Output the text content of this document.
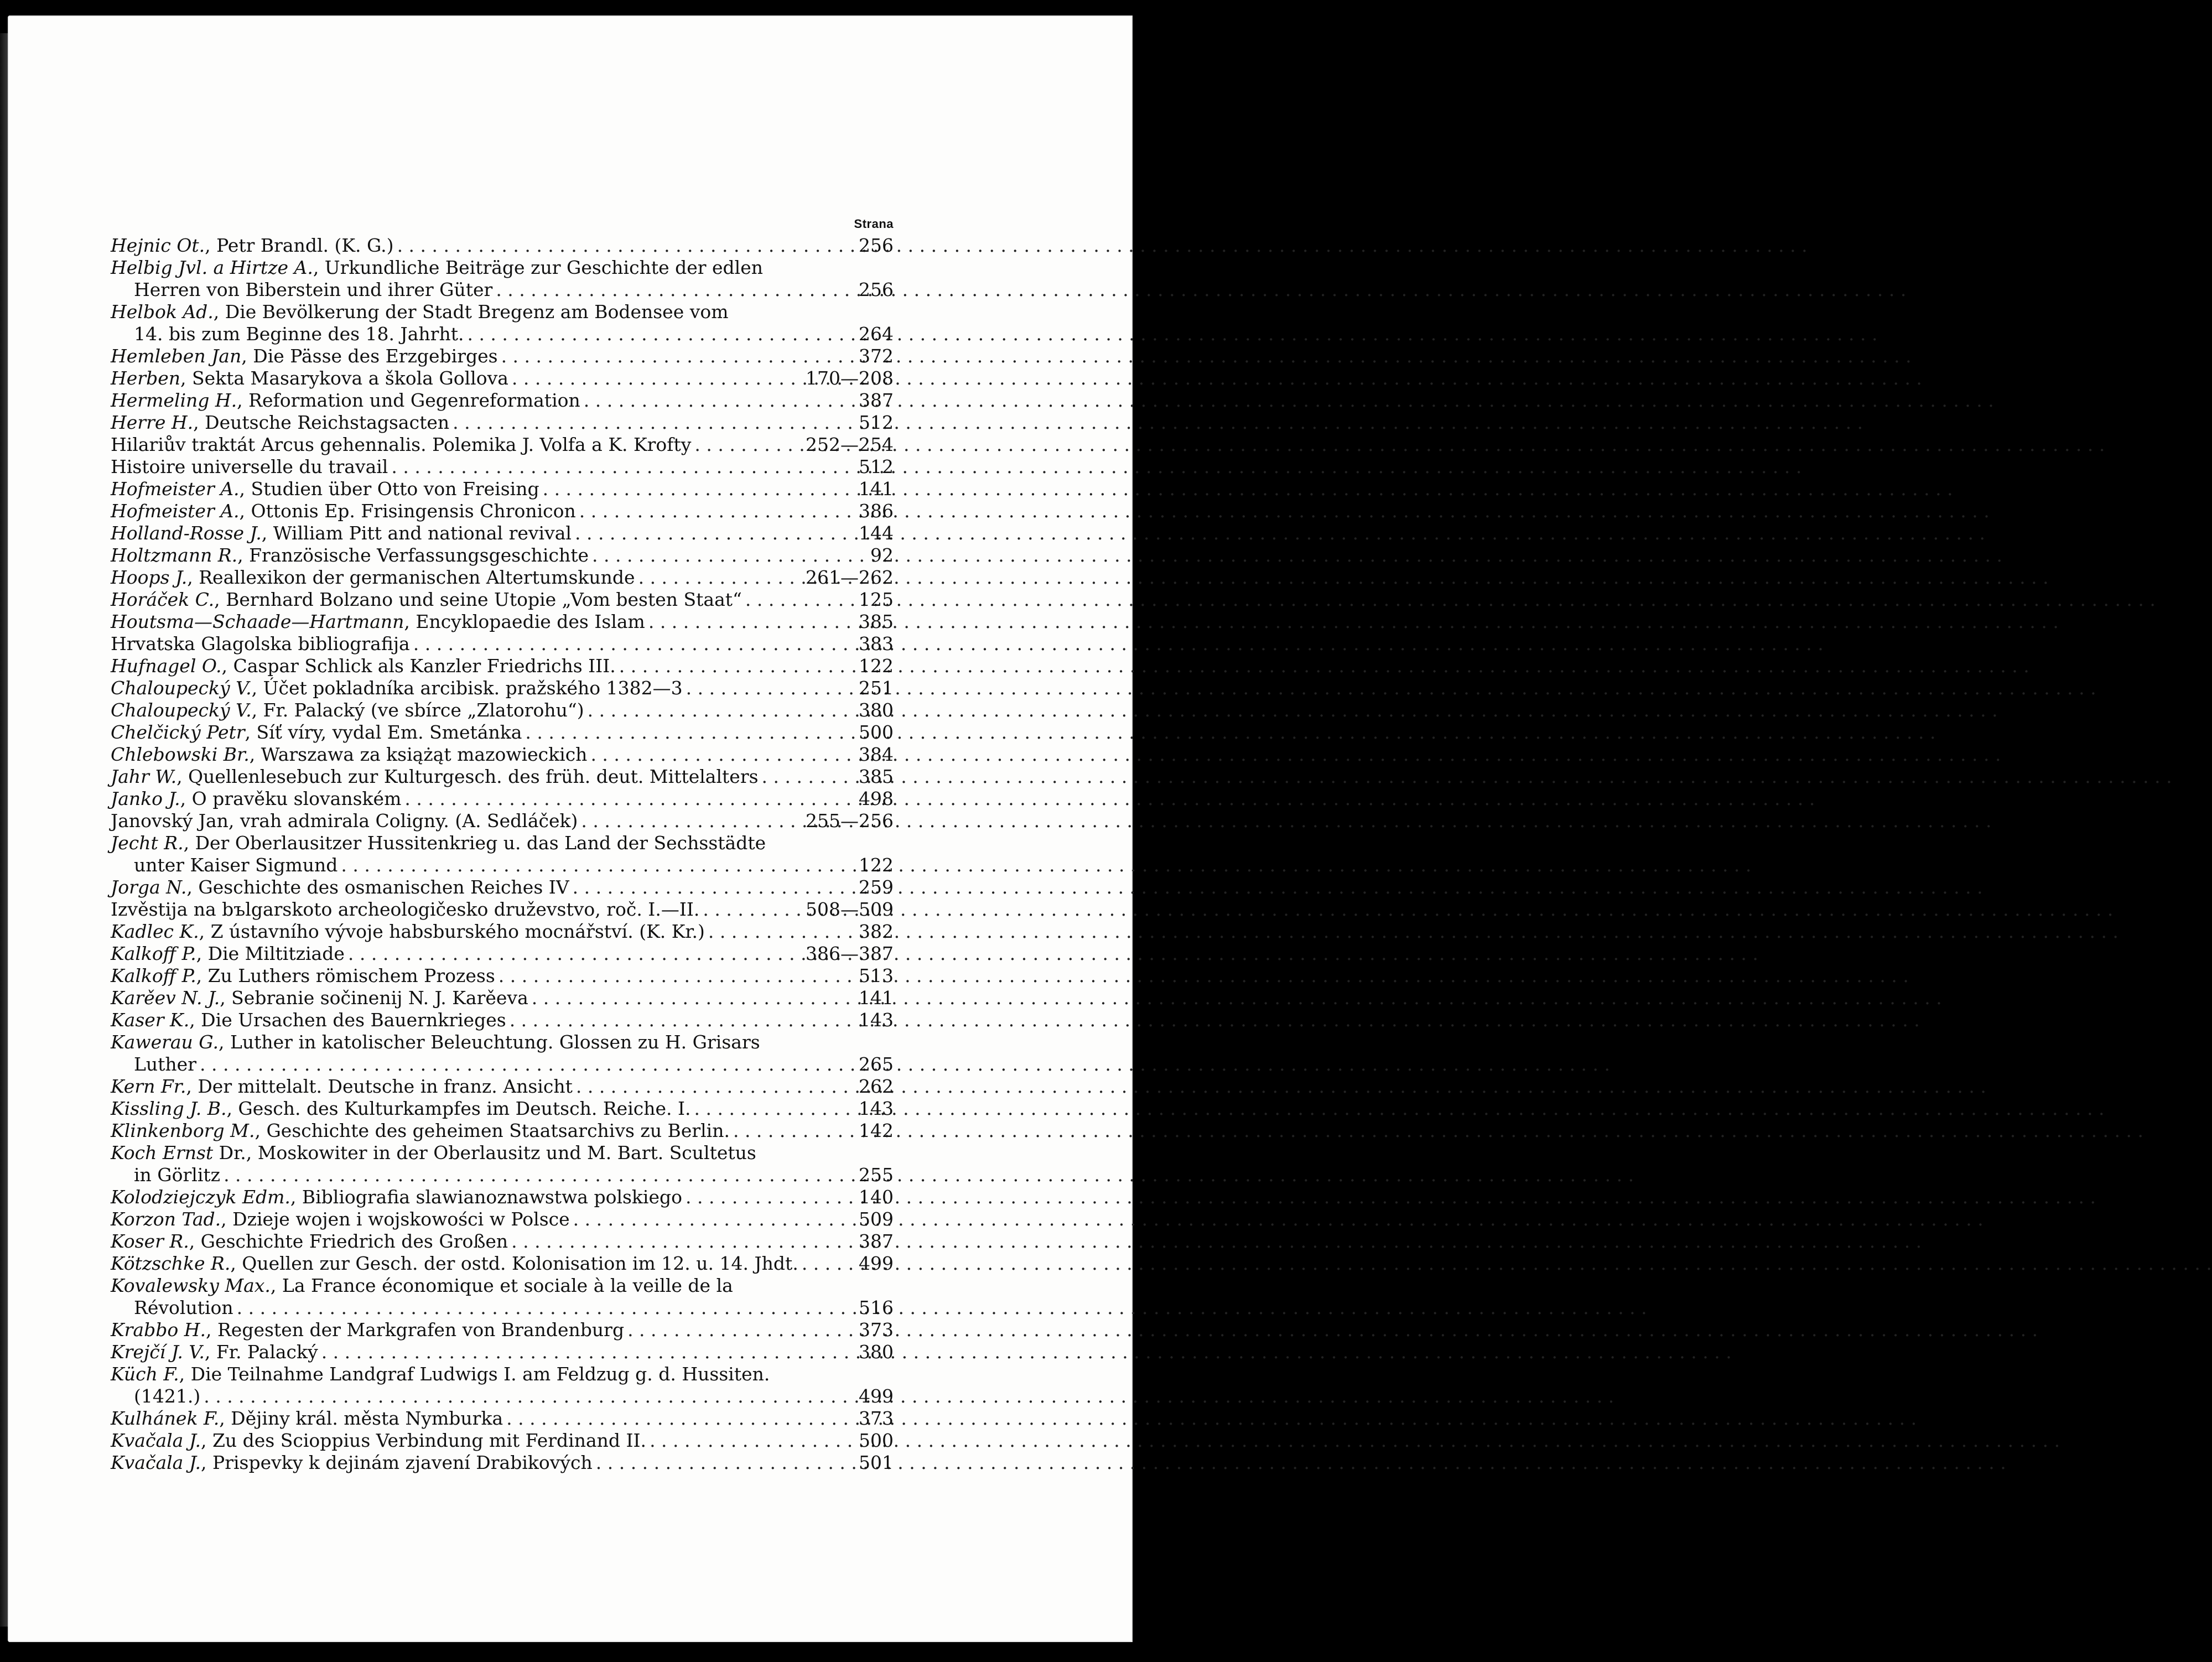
Strana
Hejnic Ot., Petr Brandl. (K. G.) . . .	256
Helbig Jvl. a Hirtze A., Urkundliche Beiträge zur Geschichte der edlen
Herren von Biberstein und ihrer Güter . . .	256
Helbok Ad., Die Bevölkerung der Stadt Bregenz am Bodensee vom
14. bis zum Beginne des 18. Jahrht. . . .	264
Hemleben Jan, Die Pässe des Erzgebirges . . .	372
Herben, Sekta Masarykova a škola Gollova . . .	170—208
Hermeling H., Reformation und Gegenreformation . . .	387
Herre H., Deutsche Reichstagsacten . . .	512
Hilariův traktát Arcus gehennalis. Polemika J. Volfa a K. Krofty . . .	252—254
Histoire universelle du travail . . .	512
Hofmeister A., Studien über Otto von Freising . . .	141
Hofmeister A., Ottonis Ep. Frisingensis Chronicon . . .	386
Holland-Rosse J., William Pitt and national revival . . .	144
Holtzmann R., Französische Verfassungsgeschichte . . .	92
Hoops J., Reallexikon der germanischen Altertumskunde . . .	261—262
Horáček C., Bernhard Bolzano und seine Utopie „Vom besten Staat“ . . .	125
Houtsma—Schaade—Hartmann, Encyklopaedie des Islam . . .	385
Hrvatska Glagolska bibliografija . . .	383
Hufnagel O., Caspar Schlick als Kanzler Friedrichs III. . . .	122
Chaloupecký V., Účet pokladníka arcibisk. pražského 1382—3 . . .	251
Chaloupecký V., Fr. Palacký (ve sbírce „Zlatorohu“) . . .	380
Chelčický Petr, Síť víry, vydal Em. Smetánka . . .	500
Chlebowski Br., Warszawa za książąt mazowieckich . . .	384
Jahr W., Quellenlesebuch zur Kulturgesch. des früh. deut. Mittelalters . . .	385
Janko J., O pravěku slovanském . . .	498
Janovský Jan, vrah admirala Coligny. (A. Sedláček) . . .	255—256
Jecht R., Der Oberlausitzer Hussitenkrieg u. das Land der Sechsstädte
unter Kaiser Sigmund . . .	122
Jorga N., Geschichte des osmanischen Reiches IV . . .	259
Izvěstija na bъlgarskoto archeologičesko druževstvo, roč. I.—II. . . .	508—509
Kadlec K., Z ústavního vývoje habsburského mocnářství. (K. Kr.) . . .	382
Kalkoff P., Die Miltitziade . . .	386—387
Kalkoff P., Zu Luthers römischem Prozess . . .	513
Karěev N. J., Sebranie sočinenij N. J. Karěeva . . .	141
Kaser K., Die Ursachen des Bauernkrieges . . .	143
Kawerau G., Luther in katolischer Beleuchtung. Glossen zu H. Grisars
Luther . . .	265
Kern Fr., Der mittelalt. Deutsche in franz. Ansicht . . .	262
Kissling J. B., Gesch. des Kulturkampfes im Deutsch. Reiche. I. . . .	143
Klinkenborg M., Geschichte des geheimen Staatsarchivs zu Berlin. . . .	142
Koch Ernst Dr., Moskowiter in der Oberlausitz und M. Bart. Scultetus
in Görlitz . . .	255
Kolodziejczyk Edm., Bibliografia slawianoznawstwa polskiego . . .	140
Korzon Tad., Dzieje wojen i wojskowości w Polsce . . .	509
Koser R., Geschichte Friedrich des Großen . . .	387
Kötzschke R., Quellen zur Gesch. der ostd. Kolonisation im 12. u. 14. Jhdt. . . .	499
Kovalewsky Max., La France économique et sociale à la veille de la
Révolution . . .	516
Krabbo H., Regesten der Markgrafen von Brandenburg . . .	373
Krejčí J. V., Fr. Palacký . . .	380
Küch F., Die Teilnahme Landgraf Ludwigs I. am Feldzug g. d. Hussiten.
(1421.) . . .	499
Kulhánek F., Dějiny král. města Nymburka . . .	373
Kvačala J., Zu des Scioppius Verbindung mit Ferdinand II. . . .	500
Kvačala J., Prispevky k dejinám zjavení Drabikových . . .	501
